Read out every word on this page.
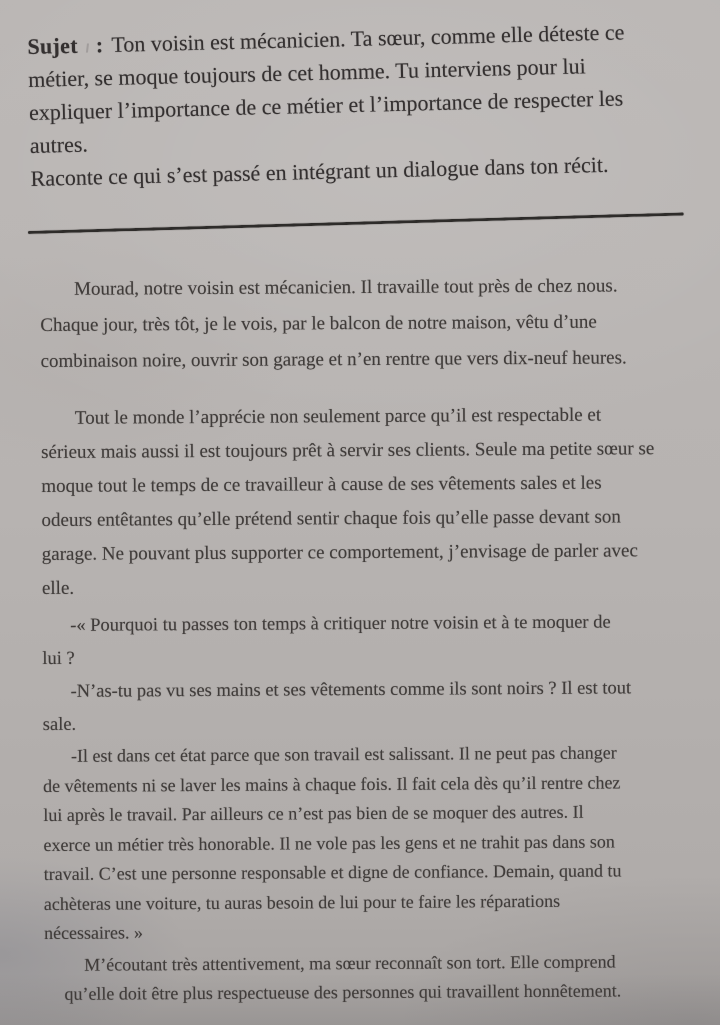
Sujet : Ton voisin est mécanicien. Ta sœur, comme elle déteste ce
métier, se moque toujours de cet homme. Tu interviens pour lui
expliquer l’importance de ce métier et l’importance de respecter les
autres.
Raconte ce qui s’est passé en intégrant un dialogue dans ton récit.

Mourad, notre voisin est mécanicien. Il travaille tout près de chez nous.
Chaque jour, très tôt, je le vois, par le balcon de notre maison, vêtu d’une
combinaison noire, ouvrir son garage et n’en rentre que vers dix-neuf heures.
Tout le monde l’apprécie non seulement parce qu’il est respectable et
sérieux mais aussi il est toujours prêt à servir ses clients. Seule ma petite sœur se
moque tout le temps de ce travailleur à cause de ses vêtements sales et les
odeurs entêtantes qu’elle prétend sentir chaque fois qu’elle passe devant son
garage. Ne pouvant plus supporter ce comportement, j’envisage de parler avec
elle.
-« Pourquoi tu passes ton temps à critiquer notre voisin et à te moquer de
lui ?
-N’as-tu pas vu ses mains et ses vêtements comme ils sont noirs ? Il est tout
sale.
-Il est dans cet état parce que son travail est salissant. Il ne peut pas changer
de vêtements ni se laver les mains à chaque fois. Il fait cela dès qu’il rentre chez
lui après le travail. Par ailleurs ce n’est pas bien de se moquer des autres. Il
exerce un métier très honorable. Il ne vole pas les gens et ne trahit pas dans son
travail. C’est une personne responsable et digne de confiance. Demain, quand tu
achèteras une voiture, tu auras besoin de lui pour te faire les réparations
nécessaires. »
M’écoutant très attentivement, ma sœur reconnaît son tort. Elle comprend
qu’elle doit être plus respectueuse des personnes qui travaillent honnêtement.
